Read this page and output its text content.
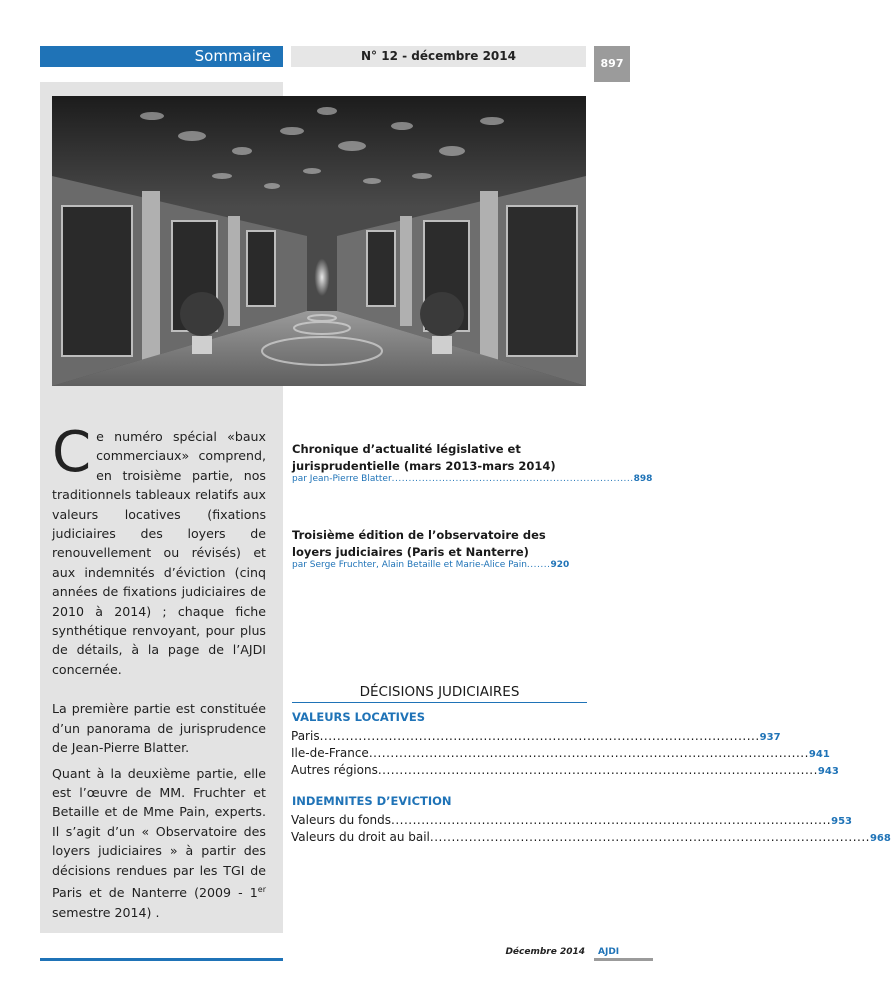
Sommaire	N° 12 - décembre 2014
897

Ce numéro spécial «baux commerciaux» comprend, en troisième partie, nos traditionnels tableaux relatifs aux valeurs locatives (fixations judiciaires des loyers de renouvellement ou révisés) et aux indemnités d’éviction (cinq années de fixations judiciaires de 2010 à 2014) ; chaque fiche synthétique renvoyant, pour plus de détails, à la page de l’AJDI concernée.

La première partie est constituée d’un panorama de jurisprudence de Jean-Pierre Blatter.

Quant à la deuxième partie, elle est l’œuvre de MM. Fruchter et Betaille et de Mme Pain, experts. Il s’agit d’un « Observatoire des loyers judiciaires » à partir des décisions rendues par les TGI de Paris et de Nanterre (2009 - 1er semestre 2014) .

Chronique d’actualité législative et jurisprudentielle (mars 2013-mars 2014)
par Jean-Pierre Blatter........................................................................898
Troisième édition de l’observatoire des loyers judiciaires (Paris et Nanterre)
par Serge Fruchter, Alain Betaille et Marie-Alice Pain.......920
DÉCISIONS JUDICIAIRES
VALEURS LOCATIVES
Paris ...................................................................................................... 937
Ile-de-France ...................................................................................................... 941
Autres régions ...................................................................................................... 943
INDEMNITES D’EVICTION
Valeurs du fonds ...................................................................................................... 953
Valeurs du droit au bail ...................................................................................................... 968
Décembre 2014	AJDI
